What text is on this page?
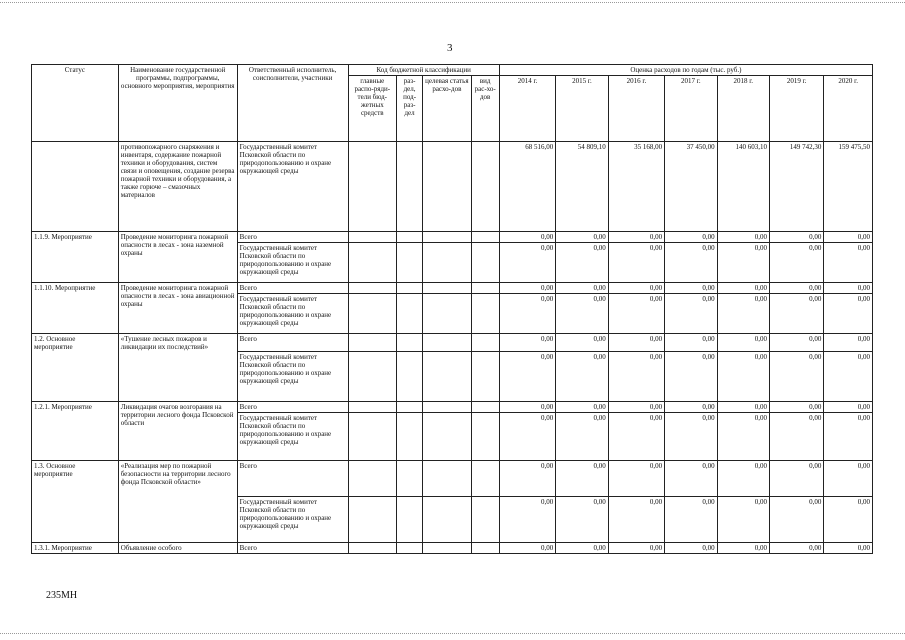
3
Статус	Наименование государственной программы, подпрограммы, основного мероприятия, мероприятия	Ответственный исполнитель, соисполнители, участники	Код бюджетной классификации				Оценка расходов по годам (тыс. руб.)						
			главные распо-ряди-тели бюд-жетных средств	раз-дел, под-раз-дел	целевая статья расхо-дов	вид рас-хо-дов	2014 г.	2015 г.	2016 г.	2017 г.	2018 г.	2019 г.	2020 г.
	противопожарного снаряжения и инвентаря, содержание пожарной техники и оборудования, систем связи и оповещения, создание резерва пожарной техники и оборудования, а также горюче – смазочных материалов	Государственный комитет Псковской области по природопользованию и охране окружающей среды					68 516,00	54 809,10	35 168,00	37 450,00	140 603,10	149 742,30	159 475,50
1.1.9. Мероприятие	Проведение мониторинга пожарной опасности в лесах - зона наземной охраны	Всего					0,00	0,00	0,00	0,00	0,00	0,00	0,00
		Государственный комитет Псковской области по природопользованию и охране окружающей среды					0,00	0,00	0,00	0,00	0,00	0,00	0,00
1.1.10. Мероприятие	Проведение мониторинга пожарной опасности в лесах - зона авиационной охраны	Всего					0,00	0,00	0,00	0,00	0,00	0,00	0,00
		Государственный комитет Псковской области по природопользованию и охране окружающей среды					0,00	0,00	0,00	0,00	0,00	0,00	0,00
1.2. Основное мероприятие	«Тушение лесных пожаров и ликвидации их последствий»	Всего					0,00	0,00	0,00	0,00	0,00	0,00	0,00
		Государственный комитет Псковской области по природопользованию и охране окружающей среды					0,00	0,00	0,00	0,00	0,00	0,00	0,00
1.2.1. Мероприятие	Ликвидация очагов возгорания на территории лесного фонда Псковской области	Всего					0,00	0,00	0,00	0,00	0,00	0,00	0,00
		Государственный комитет Псковской области по природопользованию и охране окружающей среды					0,00	0,00	0,00	0,00	0,00	0,00	0,00
1.3. Основное мероприятие	«Реализация мер по пожарной безопасности на территории лесного фонда Псковской области»	Всего					0,00	0,00	0,00	0,00	0,00	0,00	0,00
		Государственный комитет Псковской области по природопользованию и охране окружающей среды					0,00	0,00	0,00	0,00	0,00	0,00	0,00
1.3.1. Мероприятие	Объявление особого	Всего					0,00	0,00	0,00	0,00	0,00	0,00	0,00
235МН
